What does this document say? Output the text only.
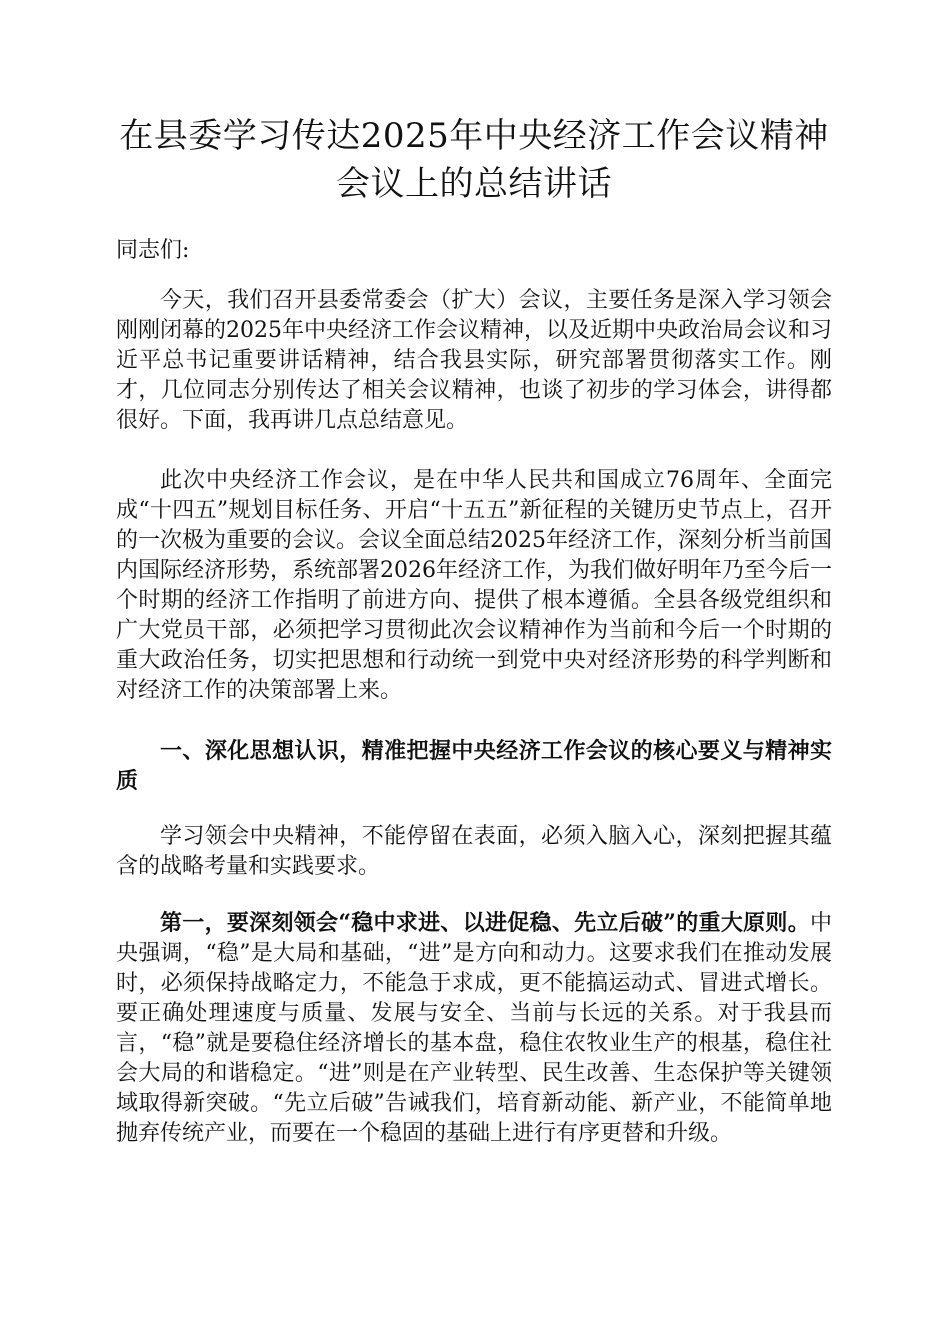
在县委学习传达2025年中央经济工作会议精神
会议上的总结讲话
同志们:

今天，我们召开县委常委会（扩大）会议，主要任务是深入学习领会刚刚闭幕的2025年中央经济工作会议精神，以及近期中央政治局会议和习近平总书记重要讲话精神，结合我县实际，研究部署贯彻落实工作。刚才，几位同志分别传达了相关会议精神，也谈了初步的学习体会，讲得都很好。下面，我再讲几点总结意见。

此次中央经济工作会议，是在中华人民共和国成立76周年、全面完成“十四五”规划目标任务、开启“十五五”新征程的关键历史节点上，召开的一次极为重要的会议。会议全面总结2025年经济工作，深刻分析当前国内国际经济形势，系统部署2026年经济工作，为我们做好明年乃至今后一个时期的经济工作指明了前进方向、提供了根本遵循。全县各级党组织和广大党员干部，必须把学习贯彻此次会议精神作为当前和今后一个时期的重大政治任务，切实把思想和行动统一到党中央对经济形势的科学判断和对经济工作的决策部署上来。

一、深化思想认识，精准把握中央经济工作会议的核心要义与精神实质

学习领会中央精神，不能停留在表面，必须入脑入心，深刻把握其蕴含的战略考量和实践要求。

第一，要深刻领会“稳中求进、以进促稳、先立后破”的重大原则。中央强调，“稳”是大局和基础，“进”是方向和动力。这要求我们在推动发展时，必须保持战略定力，不能急于求成，更不能搞运动式、冒进式增长。要正确处理速度与质量、发展与安全、当前与长远的关系。对于我县而言，“稳”就是要稳住经济增长的基本盘，稳住农牧业生产的根基，稳住社会大局的和谐稳定。“进”则是在产业转型、民生改善、生态保护等关键领域取得新突破。“先立后破”告诫我们，培育新动能、新产业，不能简单地抛弃传统产业，而要在一个稳固的基础上进行有序更替和升级。
